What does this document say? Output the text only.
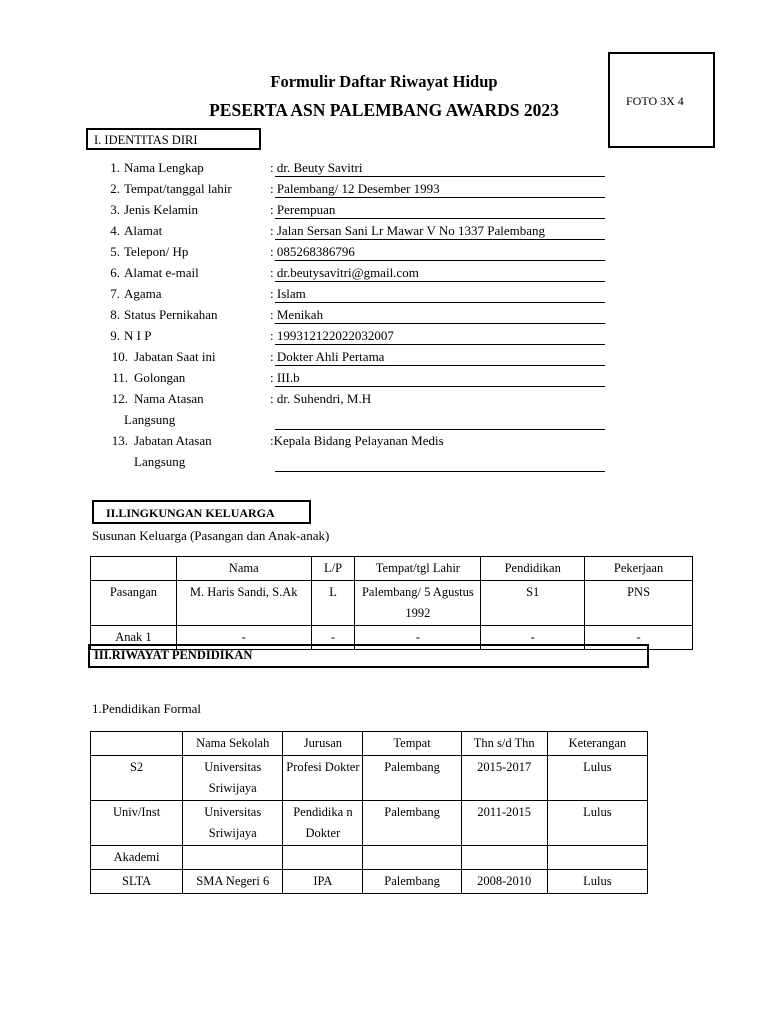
Formulir Daftar Riwayat Hidup
PESERTA ASN PALEMBANG AWARDS 2023	FOTO 3X 4
I. IDENTITAS DIRI
1. Nama Lengkap	: dr. Beuty Savitri
2. Tempat/tanggal lahir	: Palembang/ 12 Desember 1993
3. Jenis Kelamin	: Perempuan
4. Alamat	: Jalan Sersan Sani Lr Mawar V No 1337 Palembang
5. Telepon/ Hp	: 085268386796
6. Alamat e-mail	: dr.beutysavitri@gmail.com
7. Agama	: Islam
8. Status Pernikahan	: Menikah
9. N I P	: 199312122022032007
10. Jabatan Saat ini	: Dokter Ahli Pertama
11. Golongan	: III.b
12. Nama Atasan	: dr. Suhendri, M.H
Langsung
13. Jabatan Atasan	:Kepala Bidang Pelayanan Medis
Langsung
II.LINGKUNGAN KELUARGA
Susunan Keluarga (Pasangan dan Anak-anak)
	Nama	L/P	Tempat/tgl Lahir	Pendidikan	Pekerjaan
Pasangan	M. Haris Sandi, S.Ak	L	Palembang/ 5 Agustus 1992	S1	PNS
Anak 1	-	-	-	-	-
III.RIWAYAT PENDIDIKAN
1.Pendidikan Formal
	Nama Sekolah	Jurusan	Tempat	Thn s/d Thn	Keterangan
S2	Universitas Sriwijaya	Profesi Dokter	Palembang	2015-2017	Lulus
Univ/Inst	Universitas Sriwijaya	Pendidika n Dokter	Palembang	2011-2015	Lulus
Akademi					
SLTA	SMA Negeri 6	IPA	Palembang	2008-2010	Lulus
